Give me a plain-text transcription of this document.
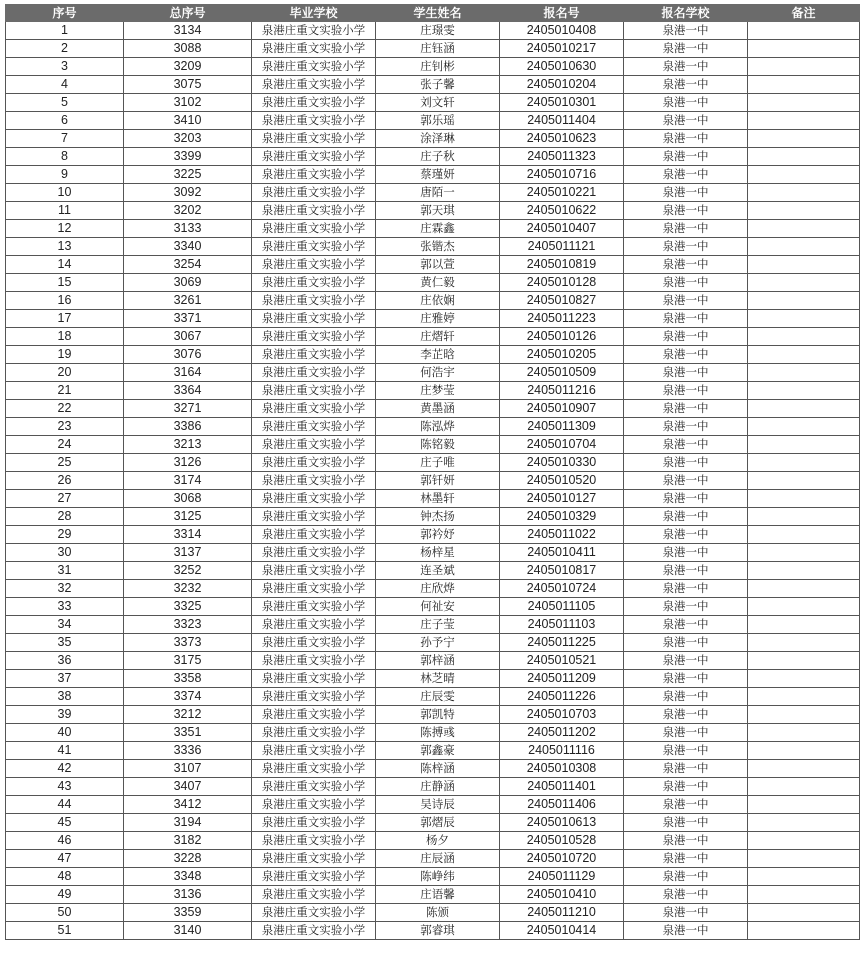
序号	总序号	毕业学校	学生姓名	报名号	报名学校	备注
1	3134	泉港庄重文实验小学	庄璟雯	2405010408	泉港一中	
2	3088	泉港庄重文实验小学	庄钰涵	2405010217	泉港一中	
3	3209	泉港庄重文实验小学	庄钊彬	2405010630	泉港一中	
4	3075	泉港庄重文实验小学	张子馨	2405010204	泉港一中	
5	3102	泉港庄重文实验小学	刘文轩	2405010301	泉港一中	
6	3410	泉港庄重文实验小学	郭乐瑶	2405011404	泉港一中	
7	3203	泉港庄重文实验小学	涂泽琳	2405010623	泉港一中	
8	3399	泉港庄重文实验小学	庄子秋	2405011323	泉港一中	
9	3225	泉港庄重文实验小学	蔡瑾妍	2405010716	泉港一中	
10	3092	泉港庄重文实验小学	唐陌一	2405010221	泉港一中	
11	3202	泉港庄重文实验小学	郭天琪	2405010622	泉港一中	
12	3133	泉港庄重文实验小学	庄霖鑫	2405010407	泉港一中	
13	3340	泉港庄重文实验小学	张锴杰	2405011121	泉港一中	
14	3254	泉港庄重文实验小学	郭以萱	2405010819	泉港一中	
15	3069	泉港庄重文实验小学	黄仁毅	2405010128	泉港一中	
16	3261	泉港庄重文实验小学	庄依娴	2405010827	泉港一中	
17	3371	泉港庄重文实验小学	庄雅婷	2405011223	泉港一中	
18	3067	泉港庄重文实验小学	庄熠轩	2405010126	泉港一中	
19	3076	泉港庄重文实验小学	李芷晗	2405010205	泉港一中	
20	3164	泉港庄重文实验小学	何浩宇	2405010509	泉港一中	
21	3364	泉港庄重文实验小学	庄梦莹	2405011216	泉港一中	
22	3271	泉港庄重文实验小学	黄墨涵	2405010907	泉港一中	
23	3386	泉港庄重文实验小学	陈泓烨	2405011309	泉港一中	
24	3213	泉港庄重文实验小学	陈铭毅	2405010704	泉港一中	
25	3126	泉港庄重文实验小学	庄子唯	2405010330	泉港一中	
26	3174	泉港庄重文实验小学	郭钎妍	2405010520	泉港一中	
27	3068	泉港庄重文实验小学	林墨轩	2405010127	泉港一中	
28	3125	泉港庄重文实验小学	钟杰扬	2405010329	泉港一中	
29	3314	泉港庄重文实验小学	郭衿妤	2405011022	泉港一中	
30	3137	泉港庄重文实验小学	杨梓星	2405010411	泉港一中	
31	3252	泉港庄重文实验小学	连圣斌	2405010817	泉港一中	
32	3232	泉港庄重文实验小学	庄欣烨	2405010724	泉港一中	
33	3325	泉港庄重文实验小学	何祉安	2405011105	泉港一中	
34	3323	泉港庄重文实验小学	庄子莹	2405011103	泉港一中	
35	3373	泉港庄重文实验小学	孙予宁	2405011225	泉港一中	
36	3175	泉港庄重文实验小学	郭梓涵	2405010521	泉港一中	
37	3358	泉港庄重文实验小学	林芝晴	2405011209	泉港一中	
38	3374	泉港庄重文实验小学	庄辰雯	2405011226	泉港一中	
39	3212	泉港庄重文实验小学	郭凯特	2405010703	泉港一中	
40	3351	泉港庄重文实验小学	陈搏彧	2405011202	泉港一中	
41	3336	泉港庄重文实验小学	郭鑫豪	2405011116	泉港一中	
42	3107	泉港庄重文实验小学	陈梓涵	2405010308	泉港一中	
43	3407	泉港庄重文实验小学	庄静涵	2405011401	泉港一中	
44	3412	泉港庄重文实验小学	吴诗辰	2405011406	泉港一中	
45	3194	泉港庄重文实验小学	郭熠辰	2405010613	泉港一中	
46	3182	泉港庄重文实验小学	杨夕	2405010528	泉港一中	
47	3228	泉港庄重文实验小学	庄辰涵	2405010720	泉港一中	
48	3348	泉港庄重文实验小学	陈峥纬	2405011129	泉港一中	
49	3136	泉港庄重文实验小学	庄语馨	2405010410	泉港一中	
50	3359	泉港庄重文实验小学	陈颁	2405011210	泉港一中	
51	3140	泉港庄重文实验小学	郭睿琪	2405010414	泉港一中	
